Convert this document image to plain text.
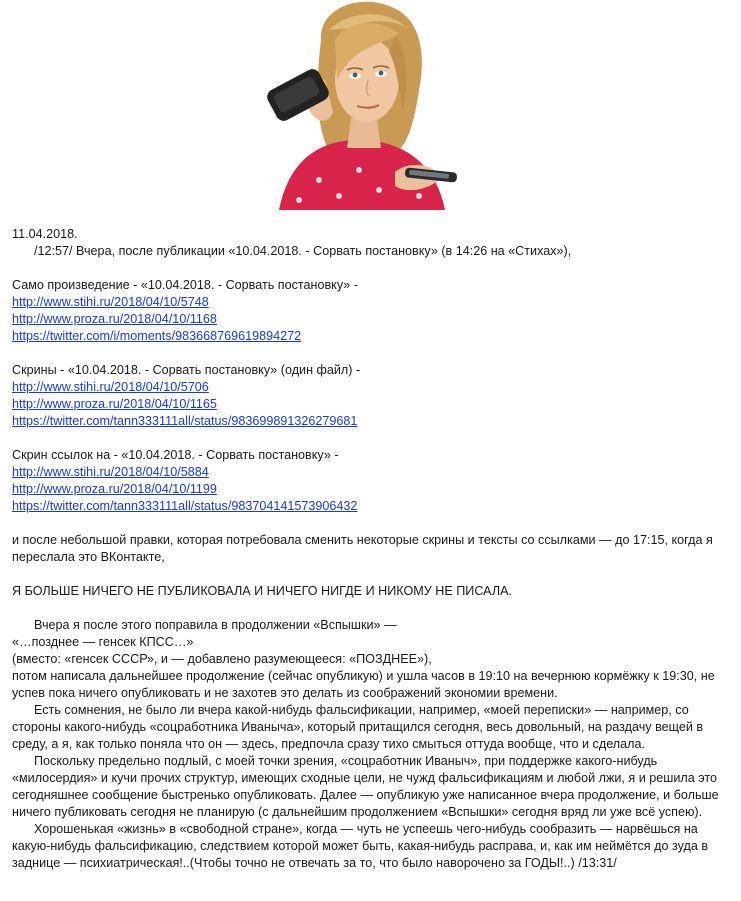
11.04.2018.

/12:57/ Вчера, после публикации «10.04.2018. - Сорвать постановку» (в 14:26 на «Стихах»),

Само произведение - «10.04.2018. - Сорвать постановку» -

http://www.stihi.ru/2018/04/10/5748

http://www.proza.ru/2018/04/10/1168

https://twitter.com/i/moments/983668769619894272

Скрины - «10.04.2018. - Сорвать постановку» (один файл) -

http://www.stihi.ru/2018/04/10/5706

http://www.proza.ru/2018/04/10/1165

https://twitter.com/tann333111all/status/983699891326279681

Скрин ссылок на - «10.04.2018. - Сорвать постановку» -

http://www.stihi.ru/2018/04/10/5884

http://www.proza.ru/2018/04/10/1199

https://twitter.com/tann333111all/status/983704141573906432

и после небольшой правки, которая потребовала сменить некоторые скрины и тексты со ссылками — до 17:15, когда я переслала это ВКонтакте,

Я БОЛЬШЕ НИЧЕГО НЕ ПУБЛИКОВАЛА И НИЧЕГО НИГДЕ И НИКОМУ НЕ ПИСАЛА.

Вчера я после этого поправила в продолжении «Вспышки» —

«…позднее — генсек КПСС…»

(вместо: «генсек СССР», и — добавлено разумеющееся: «ПОЗДНЕЕ»),

потом написала дальнейшее продолжение (сейчас опубликую) и ушла часов в 19:10 на вечернюю кормёжку к 19:30, не успев пока ничего опубликовать и не захотев это делать из соображений экономии времени.

Есть сомнения, не было ли вчера какой-нибудь фальсификации, например, «моей переписки» — например, со стороны какого-нибудь «соцработника Иваныча», который притащился сегодня, весь довольный, на раздачу вещей в среду, а я, как только поняла что он — здесь, предпочла сразу тихо смыться оттуда вообще, что и сделала.

Поскольку предельно подлый, с моей точки зрения, «соцработник Иваныч», при поддержке какого-нибудь «милосердия» и кучи прочих структур, имеющих сходные цели, не чужд фальсификациям и любой лжи, я и решила это сегодняшнее сообщение быстренько опубликовать. Далее — опубликую уже написанное вчера продолжение, и больше ничего публиковать сегодня не планирую (с дальнейшим продолжением «Вспышки» сегодня вряд ли уже всё успею).

Хорошенькая «жизнь» в «свободной стране», когда — чуть не успеешь чего-нибудь сообразить — нарвёшься на какую-нибудь фальсификацию, следствием которой может быть, какая-нибудь расправа, и, как им неймётся до зуда в заднице — психиатрическая!..(Чтобы точно не отвечать за то, что было наворочено за ГОДЫ!..) /13:31/
